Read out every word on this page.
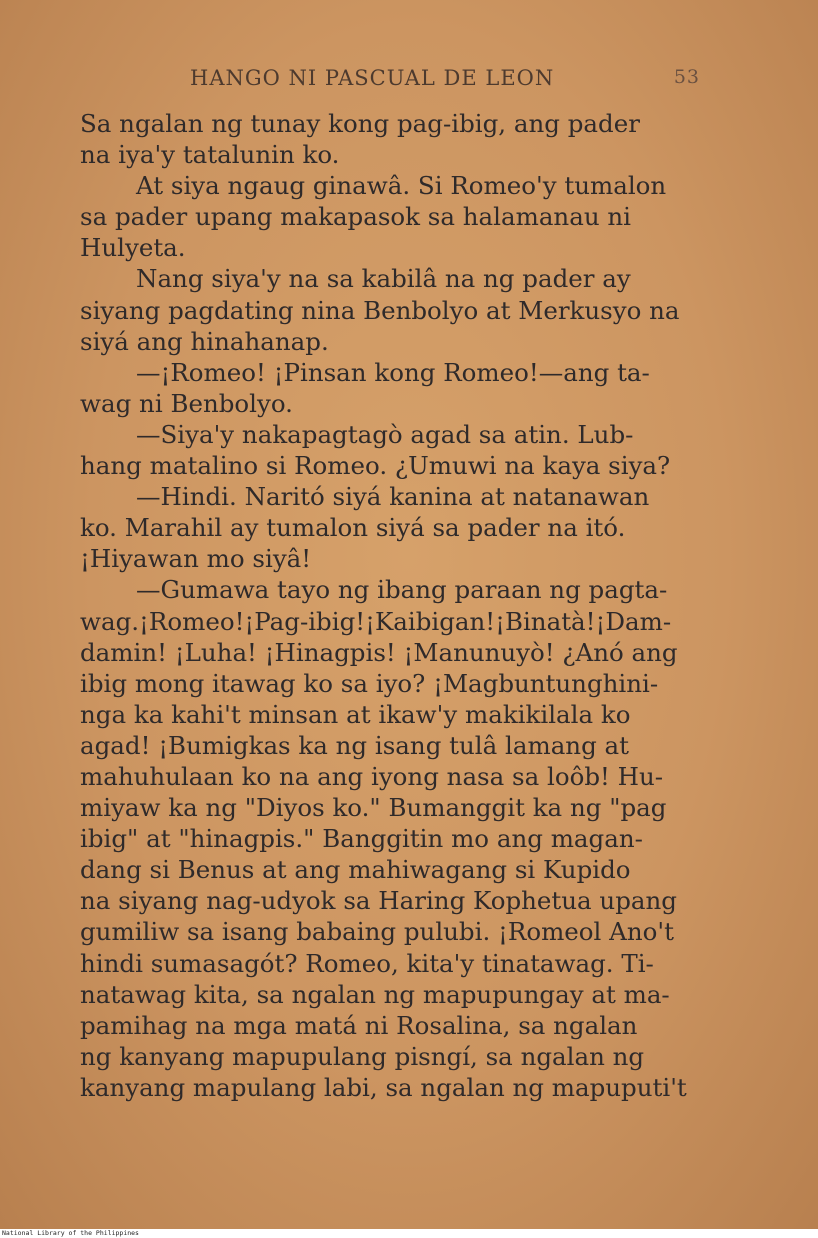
HANGO NI PASCUAL DE LEON	53
Sa ngalan ng tunay kong pag-ibig, ang pader
na iya'y tatalunin ko.
At siya ngaug ginawâ. Si Romeo'y tumalon
sa pader upang makapasok sa halamanau ni
Hulyeta.
Nang siya'y na sa kabilâ na ng pader ay
siyang pagdating nina Benbolyo at Merkusyo na
siyá ang hinahanap.
—¡Romeo! ¡Pinsan kong Romeo!—ang ta-
wag ni Benbolyo.
—Siya'y nakapagtagò agad sa atin. Lub-
hang matalino si Romeo. ¿Umuwi na kaya siya?
—Hindi. Naritó siyá kanina at natanawan
ko. Marahil ay tumalon siyá sa pader na itó.
¡Hiyawan mo siyâ!
—Gumawa tayo ng ibang paraan ng pagta-
wag.¡Romeo!¡Pag-ibig!¡Kaibigan!¡Binatà!¡Dam-
damin! ¡Luha! ¡Hinagpis! ¡Manunuyò! ¿Anó ang
ibig mong itawag ko sa iyo? ¡Magbuntunghini-
nga ka kahi't minsan at ikaw'y makikilala ko
agad! ¡Bumigkas ka ng isang tulâ lamang at
mahuhulaan ko na ang iyong nasa sa loôb! Hu-
miyaw ka ng "Diyos ko." Bumanggit ka ng "pag
ibig" at "hinagpis." Banggitin mo ang magan-
dang si Benus at ang mahiwagang si Kupido
na siyang nag-udyok sa Haring Kophetua upang
gumiliw sa isang babaing pulubi. ¡Romeol Ano't
hindi sumasagót? Romeo, kita'y tinatawag. Ti-
natawag kita, sa ngalan ng mapupungay at ma-
pamihag na mga matá ni Rosalina, sa ngalan
ng kanyang mapupulang pisngí, sa ngalan ng
kanyang mapulang labi, sa ngalan ng mapuputi't
National Library of the Philippines
